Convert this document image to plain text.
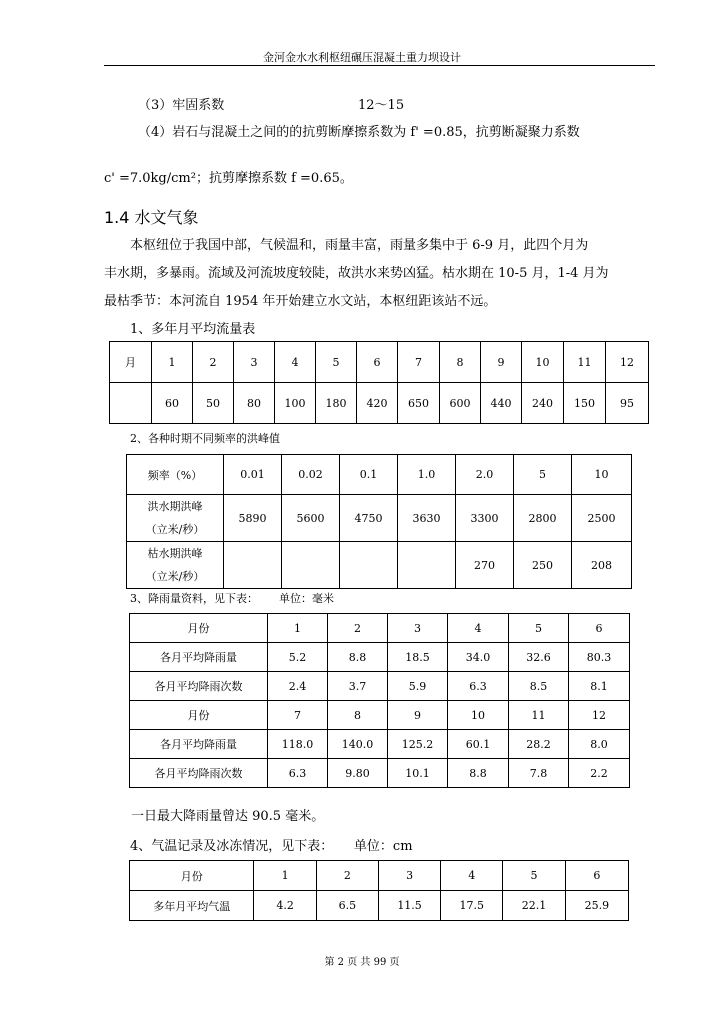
金河金水水利枢纽碾压混凝土重力坝设计
（3）牢固系数	12～15
（4）岩石与混凝土之间的的抗剪断摩擦系数为 f' =0.85，抗剪断凝聚力系数
c' =7.0kg/cm²；抗剪摩擦系数 f =0.65。
1.4 水文气象
本枢纽位于我国中部，气候温和，雨量丰富，雨量多集中于 6-9 月，此四个月为
丰水期，多暴雨。流域及河流坡度较陡，故洪水来势凶猛。枯水期在 10-5 月，1-4 月为
最枯季节：本河流自 1954 年开始建立水文站，本枢纽距该站不远。
1、多年月平均流量表
月	1	2	3	4	5	6	7	8	9	10	11	12
	60	50	80	100	180	420	650	600	440	240	150	95
2、各种时期不同频率的洪峰值
频率（%）	0.01	0.02	0.1	1.0	2.0	5	10

洪水期洪峰
（立米/秒）	5890	5600	4750	3630	3300	2800	2500

枯水期洪峰
（立米/秒）					270	250	208
3、降雨量资料，见下表：      单位：毫米
月份	1	2	3	4	5	6
各月平均降雨量	5.2	8.8	18.5	34.0	32.6	80.3
各月平均降雨次数	2.4	3.7	5.9	6.3	8.5	8.1
月份	7	8	9	10	11	12
各月平均降雨量	118.0	140.0	125.2	60.1	28.2	8.0
各月平均降雨次数	6.3	9.80	10.1	8.8	7.8	2.2
一日最大降雨量曾达 90.5 毫米。
4、气温记录及冰冻情况，见下表：     单位：cm
月份	1	2	3	4	5	6
多年月平均气温	4.2	6.5	11.5	17.5	22.1	25.9
第 2 页 共 99 页
